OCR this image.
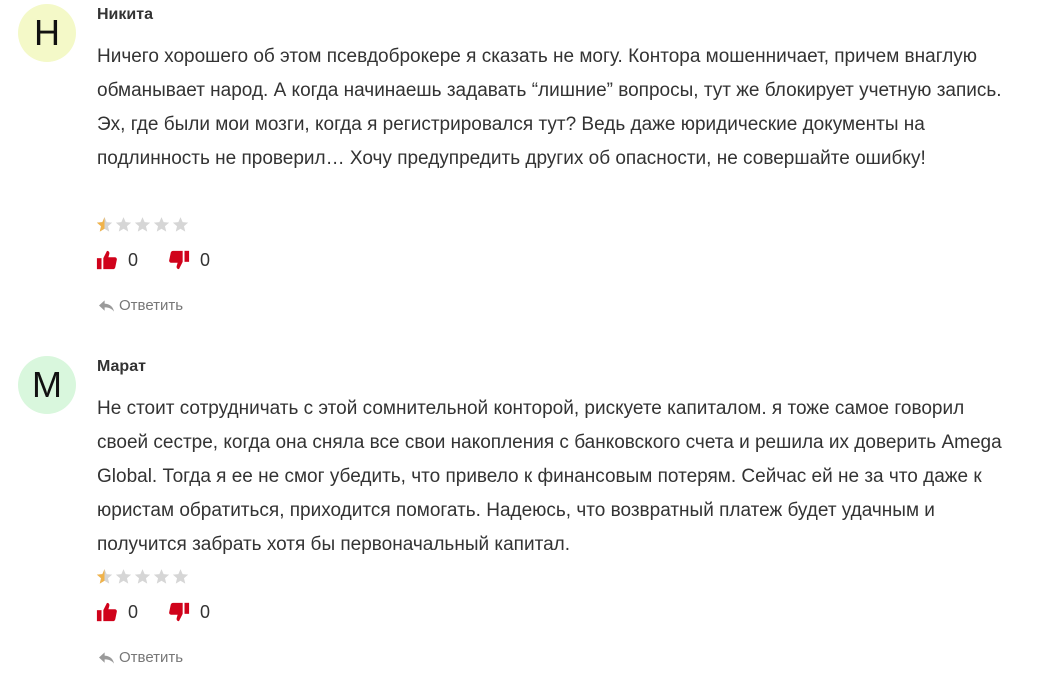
Н Никита
Ничего хорошего об этом псевдоброкере я сказать не могу. Контора мошенничает, причем внаглую обманывает народ. А когда начинаешь задавать “лишние” вопросы, тут же блокирует учетную запись. Эх, где были мои мозги, когда я регистрировался тут? Ведь даже юридические документы на подлинность не проверил… Хочу предупредить других об опасности, не совершайте ошибку!
0	0
Ответить
М Марат
Не стоит сотрудничать с этой сомнительной конторой, рискуете капиталом. я тоже самое говорил своей сестре, когда она сняла все свои накопления с банковского счета и решила их доверить Amega Global. Тогда я ее не смог убедить, что привело к финансовым потерям. Сейчас ей не за что даже к юристам обратиться, приходится помогать. Надеюсь, что возвратный платеж будет удачным и получится забрать хотя бы первоначальный капитал.
0	0
Ответить
